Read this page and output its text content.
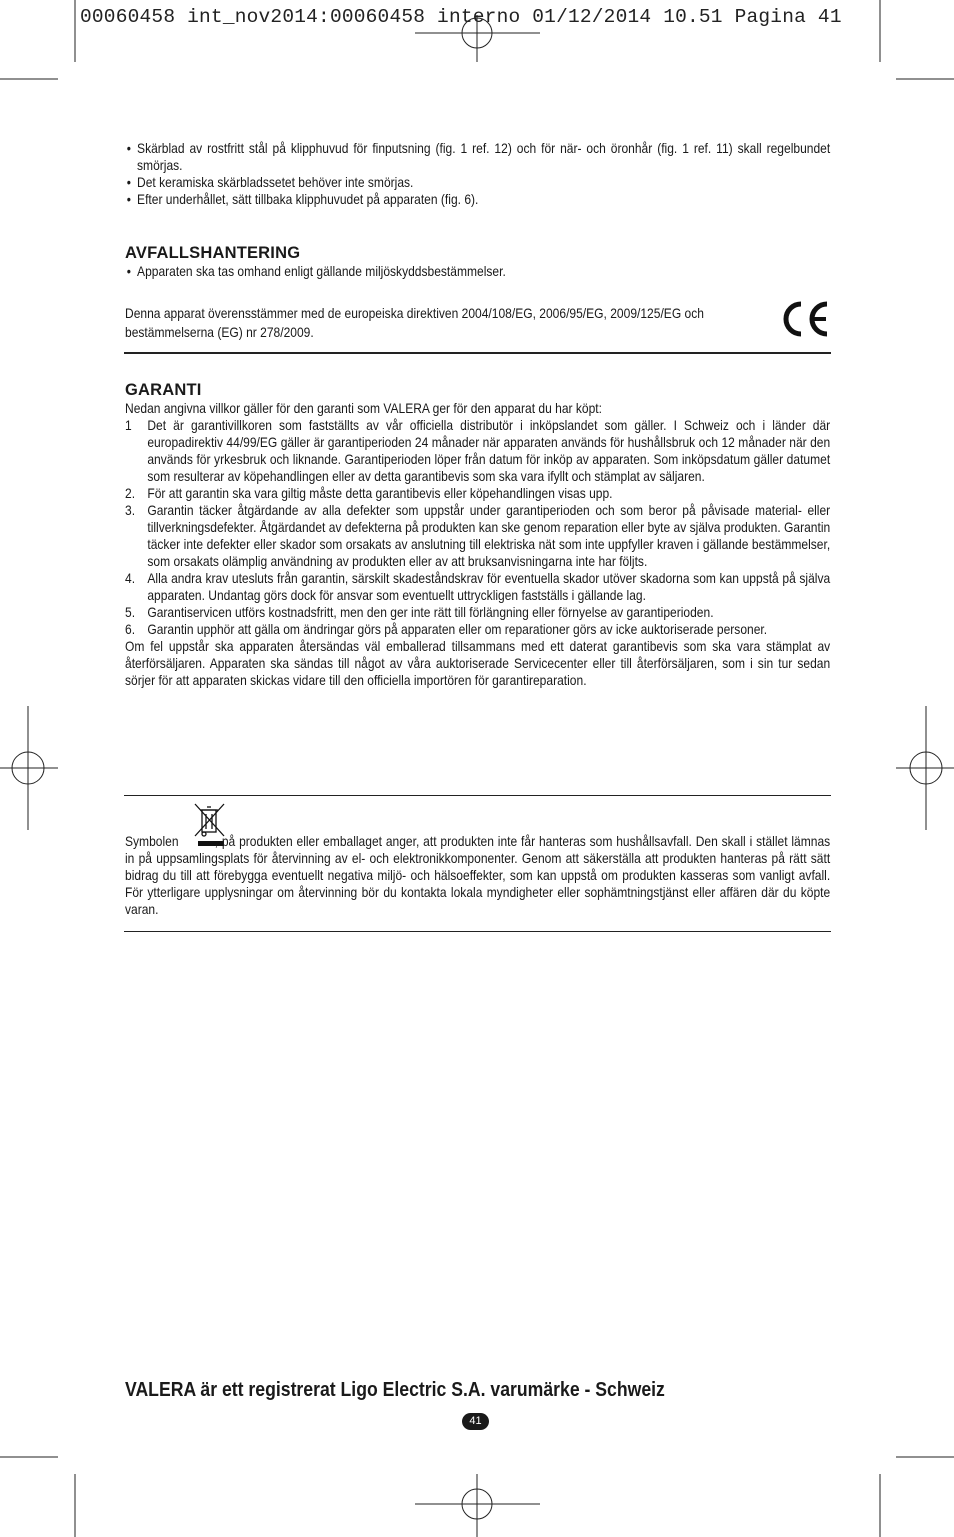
00060458 int_nov2014:00060458 interno 01/12/2014 10.51 Pagina 41
• Skärblad av rostfritt stål på klipphuvud för finputsning (fig. 1 ref. 12) och för när- och öronhår (fig. 1 ref. 11) skall regelbundet smörjas.
• Det keramiska skärbladssetet behöver inte smörjas.
• Efter underhållet, sätt tillbaka klipphuvudet på apparaten (fig. 6).
AVFALLSHANTERING
• Apparaten ska tas omhand enligt gällande miljöskyddsbestämmelser.
Denna apparat överensstämmer med de europeiska direktiven 2004/108/EG, 2006/95/EG, 2009/125/EG och bestämmelserna (EG) nr 278/2009.
GARANTI
Nedan angivna villkor gäller för den garanti som VALERA ger för den apparat du har köpt:
1 Det är garantivillkoren som fastställts av vår officiella distributör i inköpslandet som gäller. I Schweiz och i länder där europadirektiv 44/99/EG gäller är garantiperioden 24 månader när apparaten används för hushållsbruk och 12 månader när den används för yrkesbruk och liknande. Garantiperioden löper från datum för inköp av apparaten. Som inköpsdatum gäller datumet som resulterar av köpehandlingen eller av detta garantibevis som ska vara ifyllt och stämplat av säljaren.
2. För att garantin ska vara giltig måste detta garantibevis eller köpehandlingen visas upp.
3. Garantin täcker åtgärdande av alla defekter som uppstår under garantiperioden och som beror på påvisade material- eller tillverkningsdefekter. Åtgärdandet av defekterna på produkten kan ske genom reparation eller byte av själva produkten. Garantin täcker inte defekter eller skador som orsakats av anslutning till elektriska nät som inte uppfyller kraven i gällande bestämmelser, som orsakats olämplig användning av produkten eller av att bruksanvisningarna inte har följts.
4. Alla andra krav utesluts från garantin, särskilt skadeståndskrav för eventuella skador utöver skadorna som kan uppstå på själva apparaten. Undantag görs dock för ansvar som eventuellt uttryckligen fastställs i gällande lag.
5. Garantiservicen utförs kostnadsfritt, men den ger inte rätt till förlängning eller förnyelse av garantiperioden.
6. Garantin upphör att gälla om ändringar görs på apparaten eller om reparationer görs av icke auktoriserade personer.
Om fel uppstår ska apparaten återsändas väl emballerad tillsammans med ett daterat garantibevis som ska vara stämplat av återförsäljaren. Apparaten ska sändas till något av våra auktoriserade Servicecenter eller till återförsäljaren, som i sin tur sedan sörjer för att apparaten skickas vidare till den officiella importören för garantireparation.
Symbolen	, på produkten eller emballaget anger, att produkten inte får hanteras som hushållsavfall. Den skall i stället lämnas in på uppsamlingsplats för återvinning av el- och elektronikkomponenter. Genom att säkerställa att produkten hanteras på rätt sätt bidrag du till att förebygga eventuellt negativa miljö- och hälsoeffekter, som kan uppstå om produkten kasseras som vanligt avfall. För ytterligare upplysningar om återvinning bör du kontakta lokala myndigheter eller sophämtningstjänst eller affären där du köpte varan.
VALERA är ett registrerat Ligo Electric S.A. varumärke - Schweiz
41
